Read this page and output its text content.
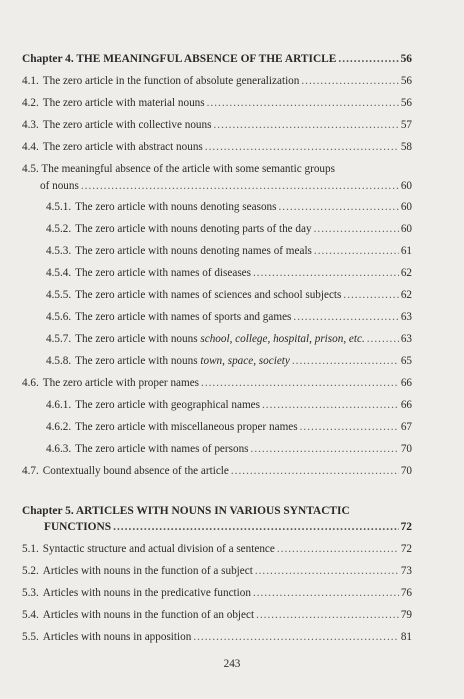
Chapter 4. THE MEANINGFUL ABSENCE OF THE ARTICLE .....	56
4.1. The zero article in the function of absolute generalization .....	56
4.2. The zero article with material nouns .....	56
4.3. The zero article with collective nouns .....	57
4.4. The zero article with abstract nouns .....	58
4.5. The meaningful absence of the article with some semantic groups
of nouns .....	60
4.5.1. The zero article with nouns denoting seasons .....	60
4.5.2. The zero article with nouns denoting parts of the day .....	60
4.5.3. The zero article with nouns denoting names of meals .....	61
4.5.4. The zero article with names of diseases .....	62
4.5.5. The zero article with names of sciences and school subjects .....	62
4.5.6. The zero article with names of sports and games .....	63
4.5.7. The zero article with nouns
school, college, hospital, prison, etc. .....	63
4.5.8. The zero article with nouns
town, space, society .....	65
4.6. The zero article with proper names .....	66
4.6.1. The zero article with geographical names .....	66
4.6.2. The zero article with miscellaneous proper names .....	67
4.6.3. The zero article with names of persons .....	70
4.7. Contextually bound absence of the article .....	70
Chapter 5. ARTICLES WITH NOUNS IN VARIOUS SYNTACTIC
FUNCTIONS .....	72
5.1. Syntactic structure and actual division of a sentence .....	72
5.2. Articles with nouns in the function of a subject .....	73
5.3. Articles with nouns in the predicative function .....	76
5.4. Articles with nouns in the function of an object .....	79
5.5. Articles with nouns in apposition .....	81
243
